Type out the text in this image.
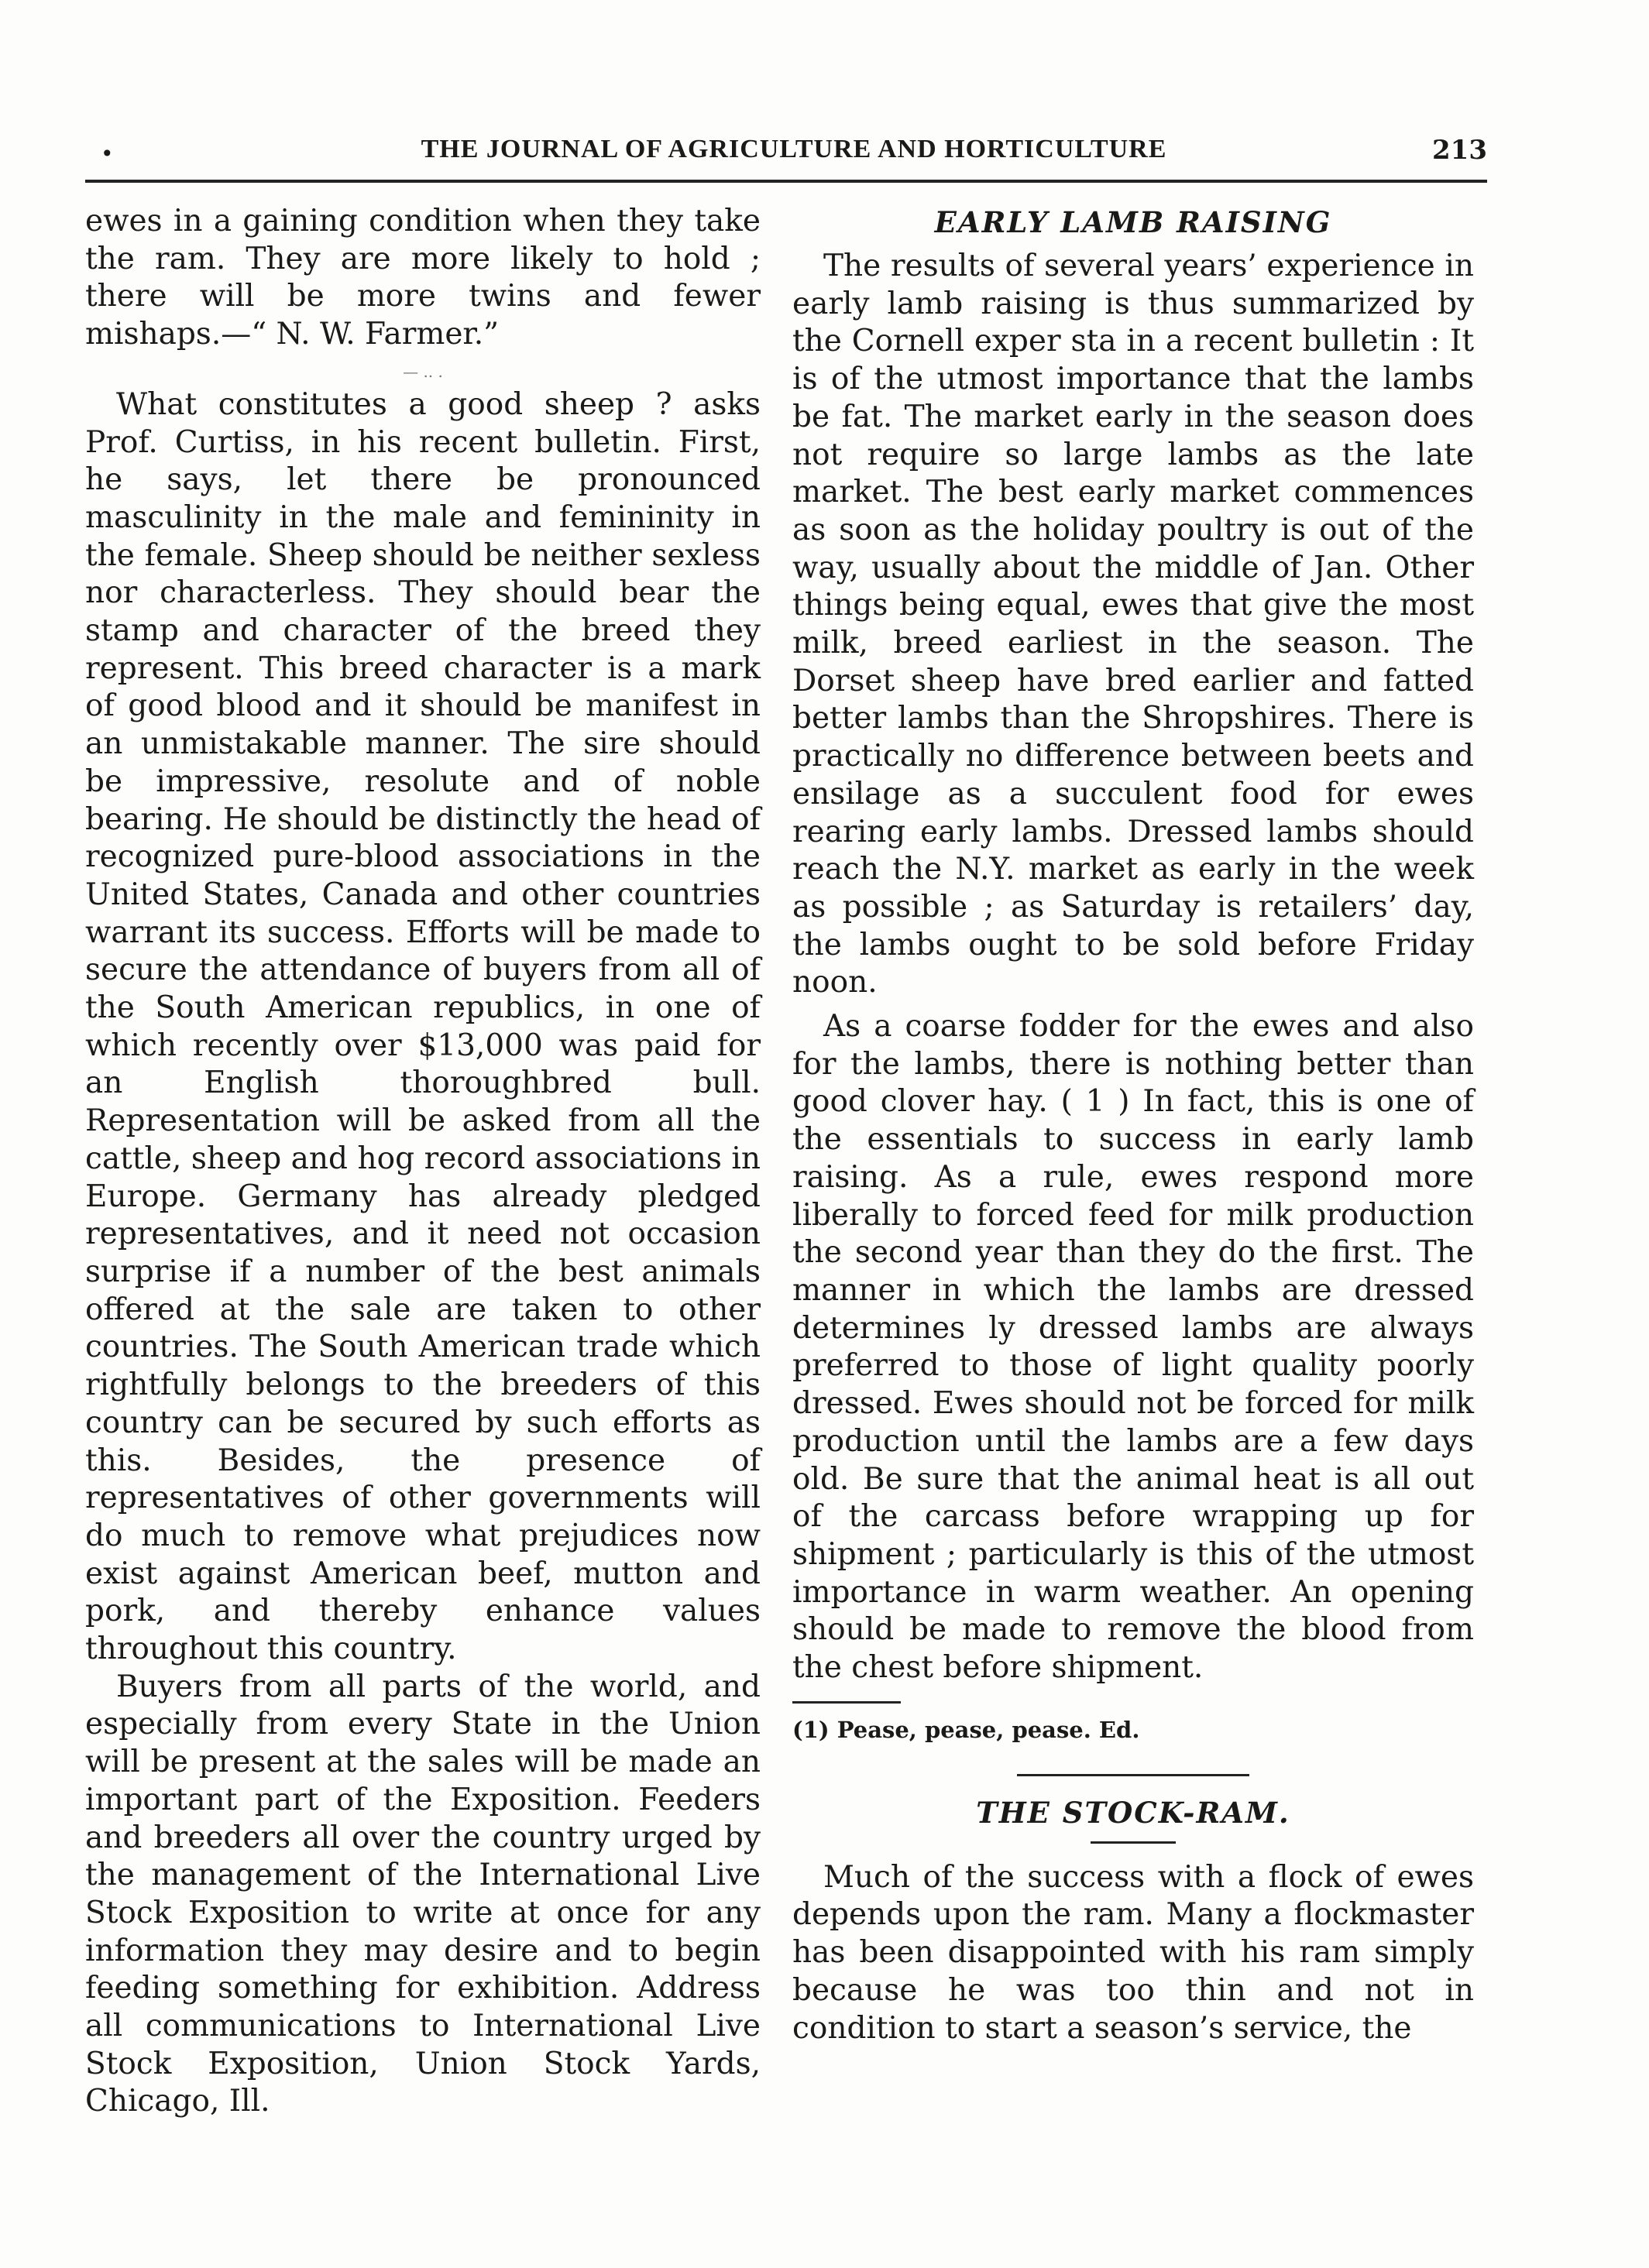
•	THE JOURNAL OF AGRICULTURE AND HORTICULTURE	213

ewes in a gaining condition when they take the ram. They are more likely to hold ; there will be more twins and fewer mishaps.—“ N. W. Farmer.”

— .. .

What constitutes a good sheep ? asks Prof. Curtiss, in his recent bulletin. First, he says, let there be pronounced masculinity in the male and femininity in the female. Sheep should be neither sexless nor characterless. They should bear the stamp and character of the breed they represent. This breed character is a mark of good blood and it should be manifest in an unmistakable manner. The sire should be impressive, resolute and of noble bearing. He should be distinctly the head of recognized pure-blood associations in the United States, Canada and other countries warrant its success. Efforts will be made to secure the attendance of buyers from all of the South American republics, in one of which recently over $13,000 was paid for an English thoroughbred bull. Representation will be asked from all the cattle, sheep and hog record associations in Europe. Germany has already pledged representatives, and it need not occasion surprise if a number of the best animals offered at the sale are taken to other countries. The South American trade which rightfully belongs to the breeders of this country can be secured by such efforts as this. Besides, the presence of representatives of other governments will do much to remove what prejudices now exist against American beef, mutton and pork, and thereby enhance values throughout this country.

Buyers from all parts of the world, and especially from every State in the Union will be present at the sales will be made an important part of the Exposition. Feeders and breeders all over the country urged by the management of the International Live Stock Exposition to write at once for any information they may desire and to begin feeding something for exhibition. Address all communications to International Live Stock Exposition, Union Stock Yards, Chicago, Ill.

EARLY LAMB RAISING

The results of several years’ experience in early lamb raising is thus summarized by the Cornell exper sta in a recent bulletin : It is of the utmost importance that the lambs be fat. The market early in the season does not require so large lambs as the late market. The best early market commences as soon as the holiday poultry is out of the way, usually about the middle of Jan. Other things being equal, ewes that give the most milk, breed earliest in the season. The Dorset sheep have bred earlier and fatted better lambs than the Shropshires. There is practically no difference between beets and ensilage as a succulent food for ewes rearing early lambs. Dressed lambs should reach the N.Y. market as early in the week as possible ; as Saturday is retailers’ day, the lambs ought to be sold before Friday noon.

As a coarse fodder for the ewes and also for the lambs, there is nothing better than good clover hay. ( 1 ) In fact, this is one of the essentials to success in early lamb raising. As a rule, ewes respond more liberally to forced feed for milk production the second year than they do the first. The manner in which the lambs are dressed determines ly dressed lambs are always preferred to those of light quality poorly dressed. Ewes should not be forced for milk production until the lambs are a few days old. Be sure that the animal heat is all out of the carcass before wrapping up for shipment ; particularly is this of the utmost importance in warm weather. An opening should be made to remove the blood from the chest before shipment.

(1) Pease, pease, pease. Ed.

THE STOCK-RAM.

Much of the success with a flock of ewes depends upon the ram. Many a flockmaster has been disappointed with his ram simply because he was too thin and not in condition to start a season’s service, the
